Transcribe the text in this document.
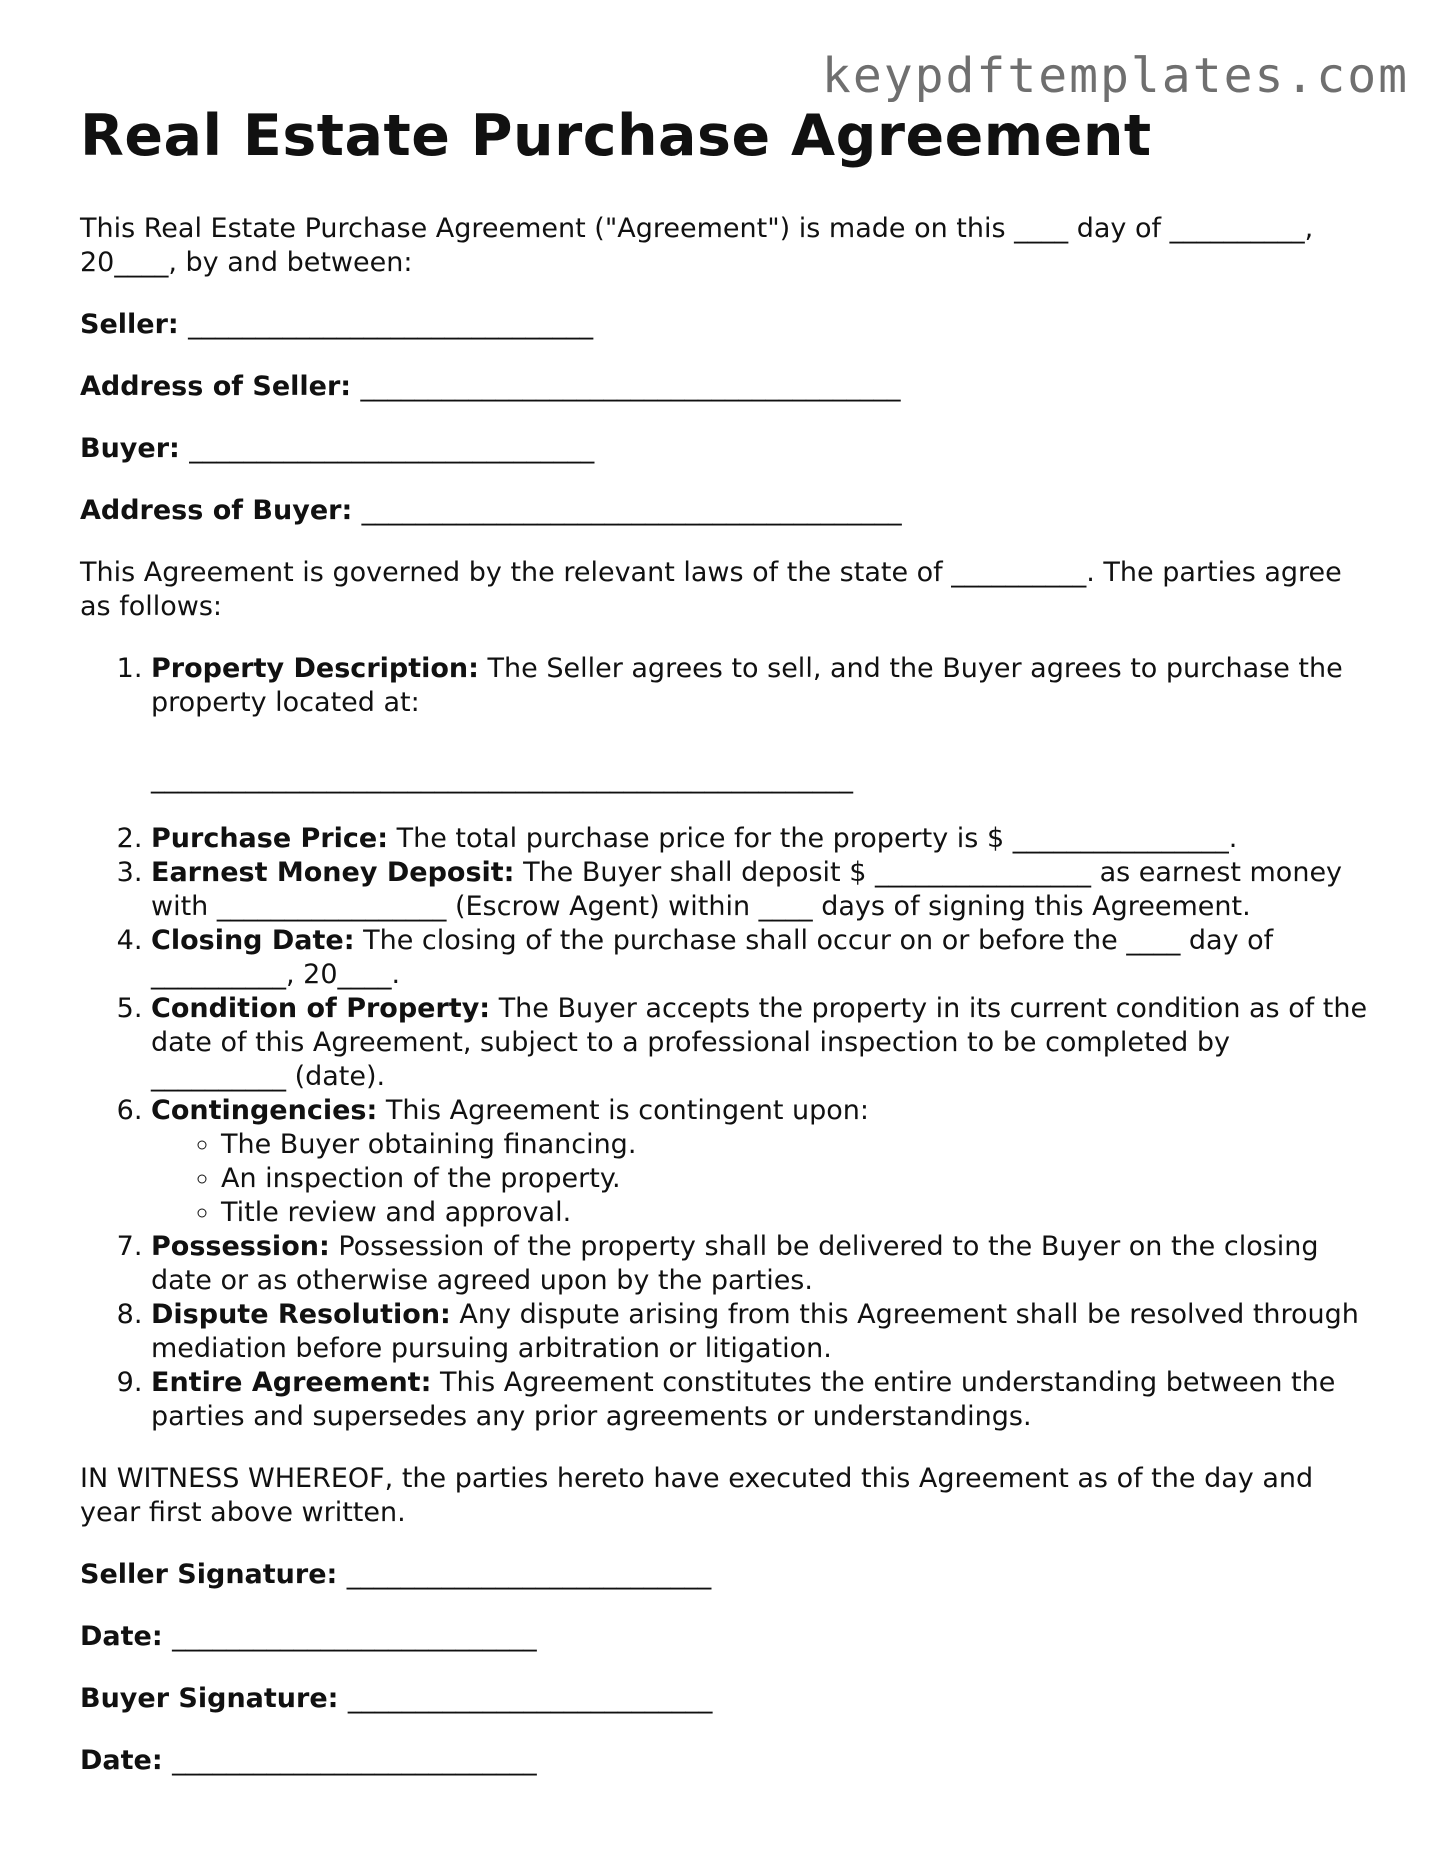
keypdftemplates.com
Real Estate Purchase Agreement

This Real Estate Purchase Agreement ("Agreement") is made on this ____ day of __________, 20____, by and between:

Seller: ______________________________

Address of Seller: ________________________________________

Buyer: ______________________________

Address of Buyer: ________________________________________

This Agreement is governed by the relevant laws of the state of __________. The parties agree as follows:

1. Property Description: The Seller agrees to sell, and the Buyer agrees to purchase the property located at:
____________________________________________________
2. Purchase Price: The total purchase price for the property is $ ________________.
3. Earnest Money Deposit: The Buyer shall deposit $ ________________ as earnest money with _________________ (Escrow Agent) within ____ days of signing this Agreement.
4. Closing Date: The closing of the purchase shall occur on or before the ____ day of __________, 20____.
5. Condition of Property: The Buyer accepts the property in its current condition as of the date of this Agreement, subject to a professional inspection to be completed by __________ (date).
6. Contingencies: This Agreement is contingent upon:
◦ The Buyer obtaining financing.
◦ An inspection of the property.
◦ Title review and approval.
7. Possession: Possession of the property shall be delivered to the Buyer on the closing date or as otherwise agreed upon by the parties.
8. Dispute Resolution: Any dispute arising from this Agreement shall be resolved through mediation before pursuing arbitration or litigation.
9. Entire Agreement: This Agreement constitutes the entire understanding between the parties and supersedes any prior agreements or understandings.

IN WITNESS WHEREOF, the parties hereto have executed this Agreement as of the day and year first above written.

Seller Signature: ___________________________

Date: ___________________________

Buyer Signature: ___________________________

Date: ___________________________
